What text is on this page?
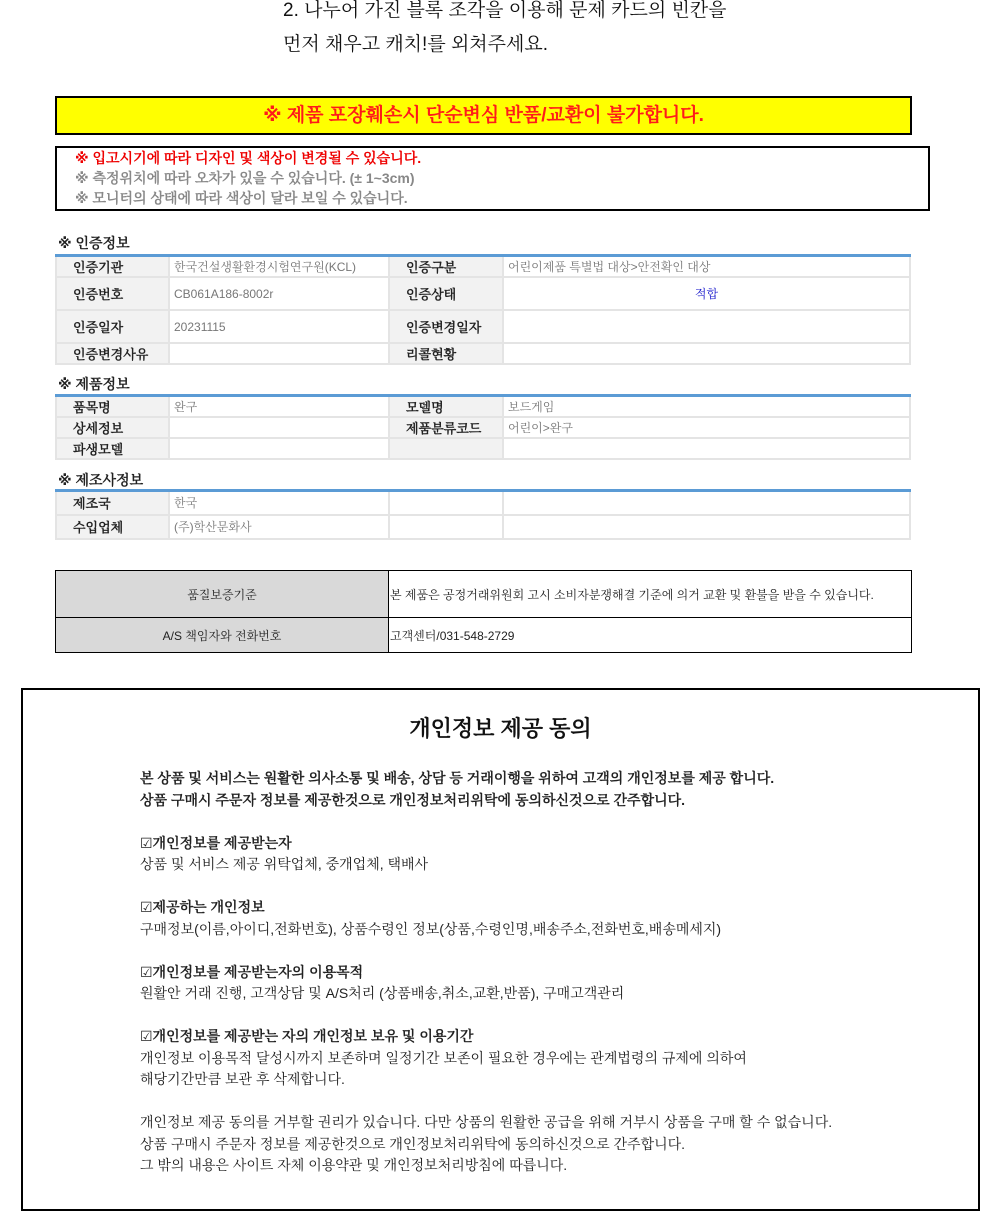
2. 나누어 가진 블록 조각을 이용해 문제 카드의 빈칸을
먼저 채우고 캐치!를 외쳐주세요.
※ 제품 포장훼손시 단순변심 반품/교환이 불가합니다.
※ 입고시기에 따라 디자인 및 색상이 변경될 수 있습니다.
※ 측정위치에 따라 오차가 있을 수 있습니다. (± 1~3cm)
※ 모니터의 상태에 따라 색상이 달라 보일 수 있습니다.
※ 인증정보
인증기관	한국건설생활환경시험연구원(KCL)	인증구분	어린이제품 특별법 대상>안전확인 대상
인증번호	CB061A186-8002r	인증상태	적합
인증일자	20231115	인증변경일자	
인증변경사유		리콜현황	
※ 제품정보
품목명	완구	모델명	보드게임
상세정보		제품분류코드	어린이>완구
파생모델			
※ 제조사정보
제조국	한국		
수입업체	(주)학산문화사		
품질보증기준	본 제품은 공정거래위원회 고시 소비자분쟁해결 기준에 의거 교환 및 환불을 받을 수 있습니다.
A/S 책임자와 전화번호	고객센터/031-548-2729
개인정보 제공 동의
본 상품 및 서비스는 원활한 의사소통 및 배송, 상담 등 거래이행을 위하여 고객의 개인정보를 제공 합니다.
상품 구매시 주문자 정보를 제공한것으로 개인정보처리위탁에 동의하신것으로 간주합니다.
☑개인정보를 제공받는자
상품 및 서비스 제공 위탁업체, 중개업체, 택배사
☑제공하는 개인정보
구매정보(이름,아이디,전화번호), 상품수령인 정보(상품,수령인명,배송주소,전화번호,배송메세지)
☑개인정보를 제공받는자의 이용목적
원활안 거래 진행, 고객상담 및 A/S처리 (상품배송,취소,교환,반품), 구매고객관리
☑개인정보를 제공받는 자의 개인정보 보유 및 이용기간
개인정보 이용목적 달성시까지 보존하며 일정기간 보존이 필요한 경우에는 관계법령의 규제에 의하여
해당기간만큼 보관 후 삭제합니다.
개인정보 제공 동의를 거부할 권리가 있습니다. 다만 상품의 원활한 공급을 위해 거부시 상품을 구매 할 수 없습니다.
상품 구매시 주문자 정보를 제공한것으로 개인정보처리위탁에 동의하신것으로 간주합니다.
그 밖의 내용은 사이트 자체 이용약관 및 개인정보처리방침에 따릅니다.
